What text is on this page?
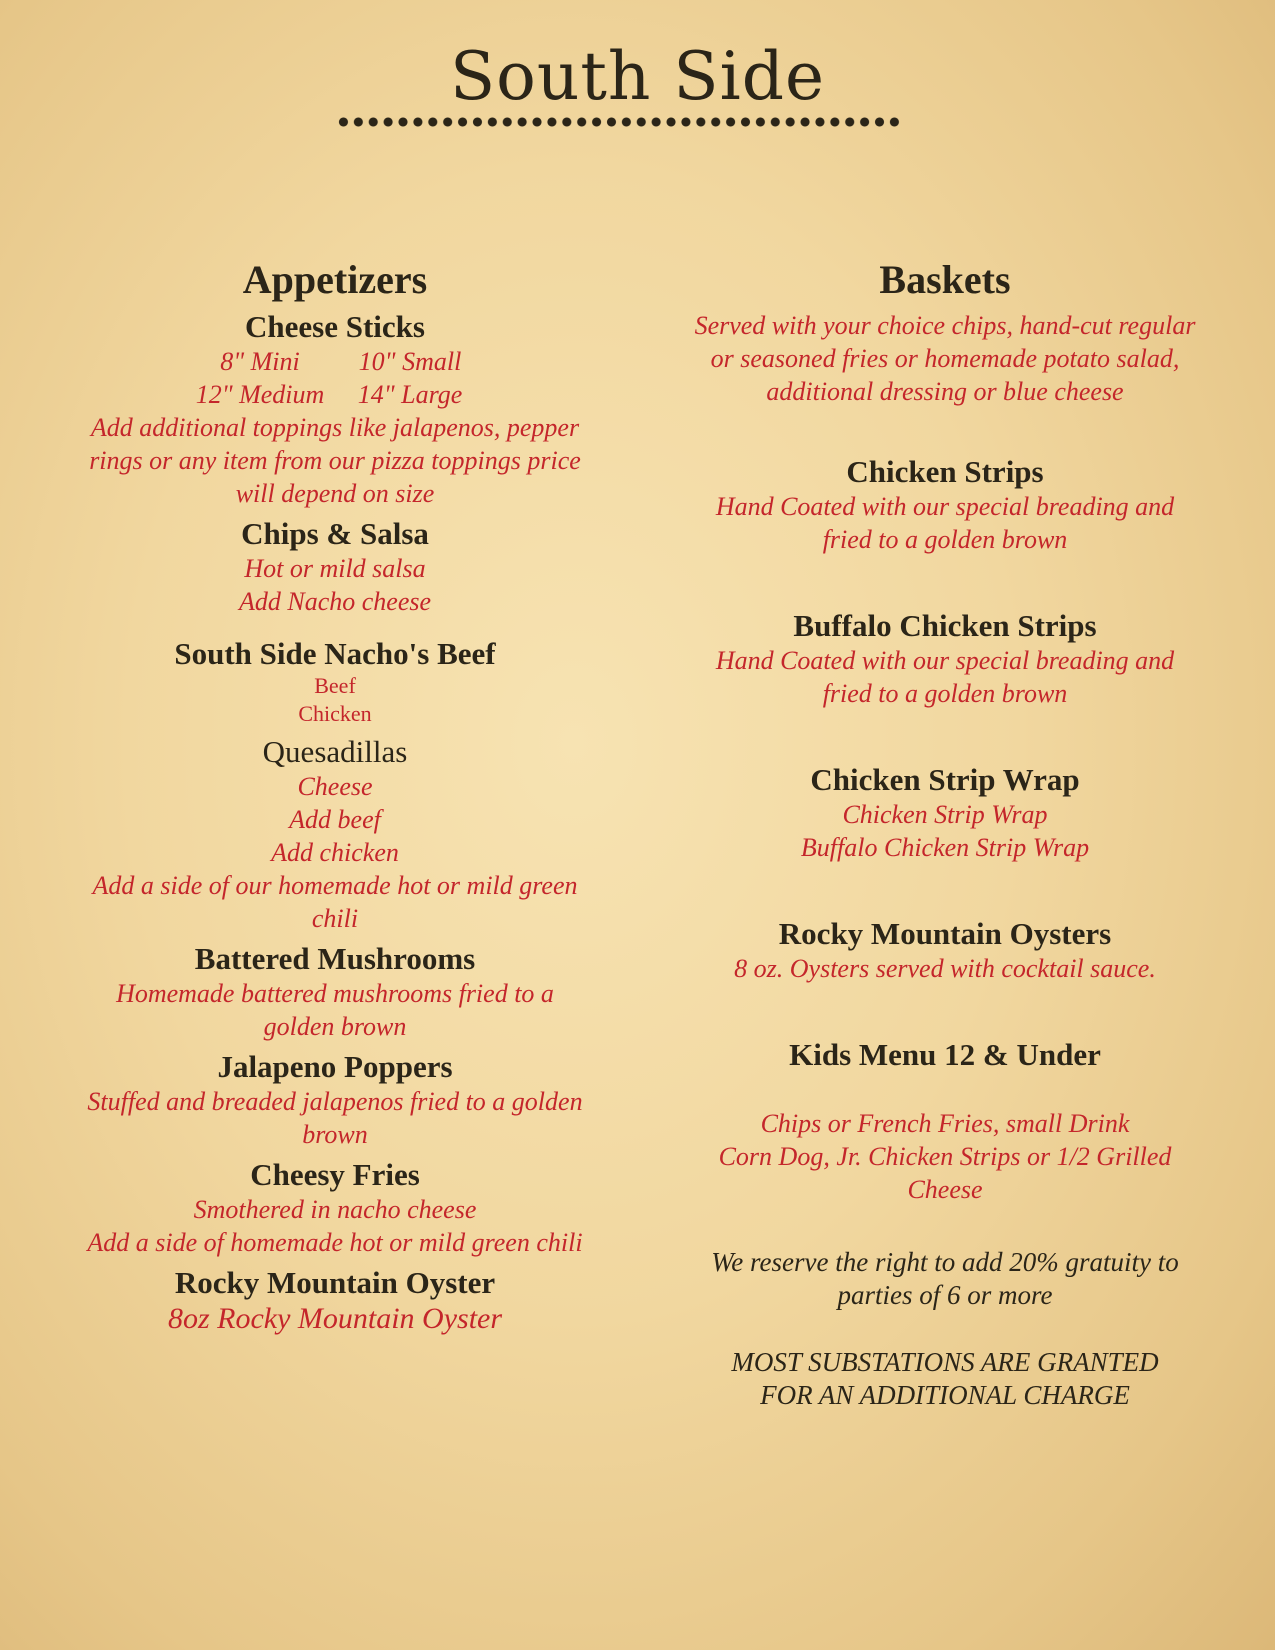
South Side
Appetizers
Cheese Sticks
8" Mini 10" Small
12" Medium 14" Large
Add additional toppings like jalapenos, pepper
rings or any item from our pizza toppings price
will depend on size
Chips & Salsa
Hot or mild salsa
Add Nacho cheese
South Side Nacho's Beef
Beef
Chicken
Quesadillas
Cheese
Add beef
Add chicken
Add a side of our homemade hot or mild green
chili
Battered Mushrooms
Homemade battered mushrooms fried to a
golden brown
Jalapeno Poppers
Stuffed and breaded jalapenos fried to a golden
brown
Cheesy Fries
Smothered in nacho cheese
Add a side of homemade hot or mild green chili
Rocky Mountain Oyster
8oz Rocky Mountain Oyster
Baskets
Served with your choice chips, hand-cut regular
or seasoned fries or homemade potato salad,
additional dressing or blue cheese
Chicken Strips
Hand Coated with our special breading and
fried to a golden brown
Buffalo Chicken Strips
Hand Coated with our special breading and
fried to a golden brown
Chicken Strip Wrap
Chicken Strip Wrap
Buffalo Chicken Strip Wrap
Rocky Mountain Oysters
8 oz. Oysters served with cocktail sauce.
Kids Menu 12 & Under
Chips or French Fries, small Drink
Corn Dog, Jr. Chicken Strips or 1/2 Grilled
Cheese
We reserve the right to add 20% gratuity to
parties of 6 or more
MOST SUBSTATIONS ARE GRANTED
FOR AN ADDITIONAL CHARGE
